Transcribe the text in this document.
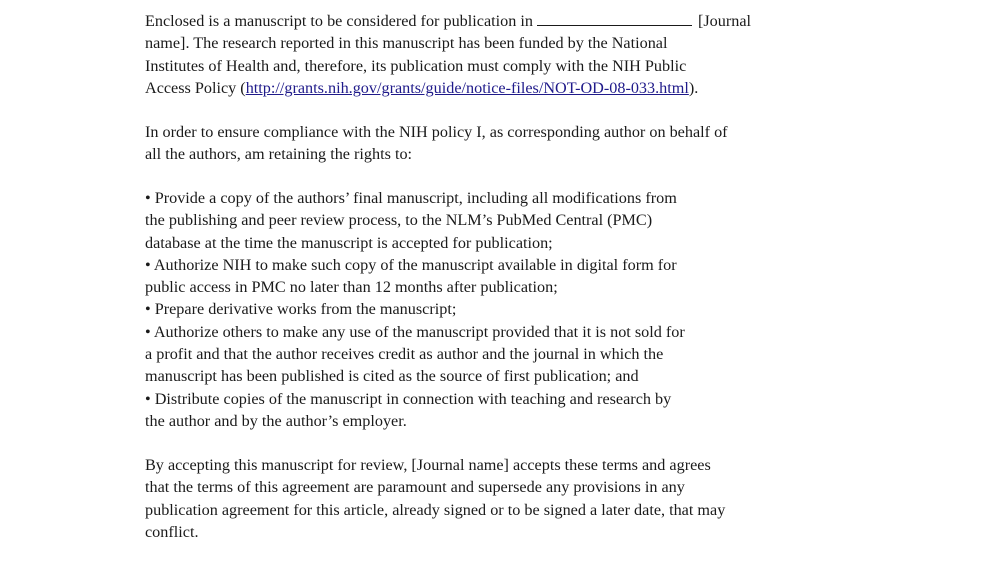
Enclosed is a manuscript to be considered for publication in	[Journal
name]. The research reported in this manuscript has been funded by the National
Institutes of Health and, therefore, its publication must comply with the NIH Public
Access Policy (http://grants.nih.gov/grants/guide/notice-files/NOT-OD-08-033.html).

In order to ensure compliance with the NIH policy I, as corresponding author on behalf of
all the authors, am retaining the rights to:

• Provide a copy of the authors’ final manuscript, including all modifications from
the publishing and peer review process, to the NLM’s PubMed Central (PMC)
database at the time the manuscript is accepted for publication;
• Authorize NIH to make such copy of the manuscript available in digital form for
public access in PMC no later than 12 months after publication;
• Prepare derivative works from the manuscript;
• Authorize others to make any use of the manuscript provided that it is not sold for
a profit and that the author receives credit as author and the journal in which the
manuscript has been published is cited as the source of first publication; and
• Distribute copies of the manuscript in connection with teaching and research by
the author and by the author’s employer.

By accepting this manuscript for review, [Journal name] accepts these terms and agrees
that the terms of this agreement are paramount and supersede any provisions in any
publication agreement for this article, already signed or to be signed a later date, that may
conflict.
